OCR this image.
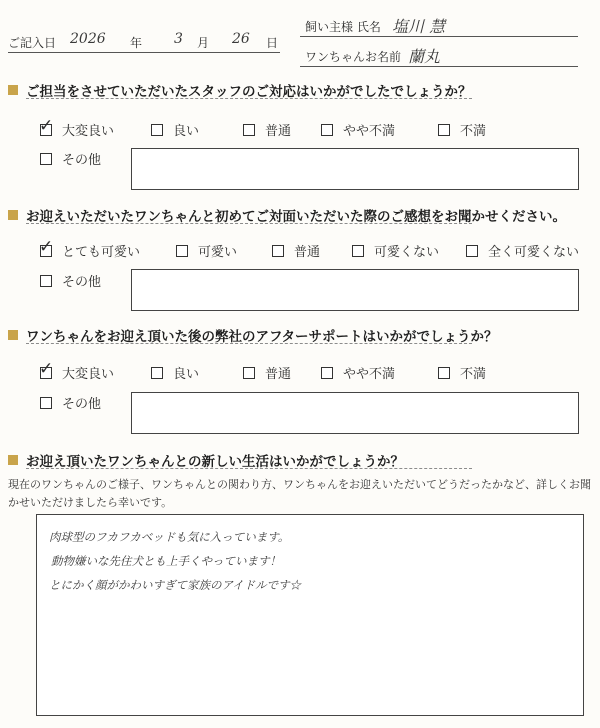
ご記入日 2026 年 3 月 26 日
飼い主様 氏名 塩川 慧
ワンちゃんお名前 蘭丸
ご担当をさせていただいたスタッフのご対応はいかがでしたでしょうか？
✓
大変良い	良い	普通	やや不満	不満
その他
お迎えいただいたワンちゃんと初めてご対面いただいた際のご感想をお聞かせください。
✓
とても可愛い	可愛い	普通	可愛くない	全く可愛くない
その他
ワンちゃんをお迎え頂いた後の弊社のアフターサポートはいかがでしょうか？
✓
大変良い	良い	普通	やや不満	不満
その他
お迎え頂いたワンちゃんとの新しい生活はいかがでしょうか？
現在のワンちゃんのご様子、ワンちゃんとの関わり方、ワンちゃんをお迎えいただいてどうだったかなど、詳しくお聞かせいただけましたら幸いです。
肉球型のフカフカベッドも気に入っています。
動物嫌いな先住犬とも上手くやっています！
とにかく顔がかわいすぎて家族のアイドルです☆
